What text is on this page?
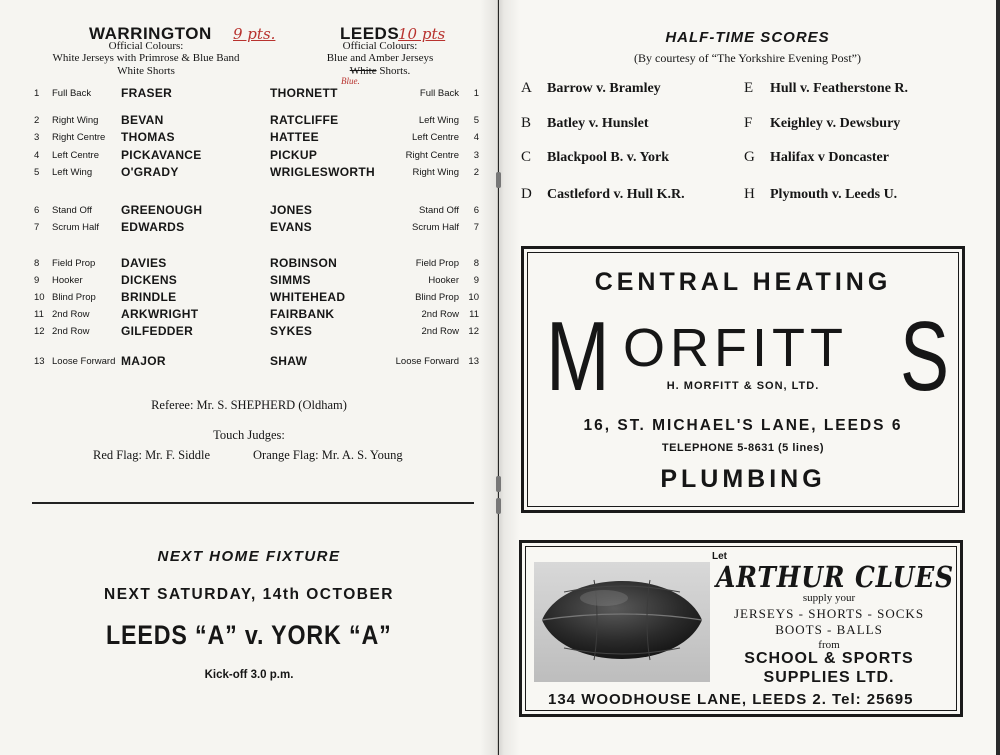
WARRINGTON 9 pts.
Official Colours:
White Jerseys with Primrose & Blue Band
White Shorts
LEEDS
10 pts
Official Colours:
Blue and Amber Jerseys
White Shorts.
Blue.
1 Full Back FRASER	THORNETT	Full Back 1
2 Right Wing BEVAN	RATCLIFFE	Left Wing 5
3 Right Centre THOMAS	HATTEE	Left Centre 4
4 Left Centre PICKAVANCE	PICKUP	Right Centre 3
5 Left Wing O'GRADY	WRIGLESWORTH	Right Wing 2
6 Stand Off GREENOUGH	JONES	Stand Off 6
7 Scrum Half EDWARDS	EVANS	Scrum Half 7
8 Field Prop DAVIES	ROBINSON	Field Prop 8
9 Hooker	DICKENS	SIMMS	Hooker 9
10 Blind Prop BRINDLE	WHITEHEAD	Blind Prop 10
11 2nd Row	ARKWRIGHT	FAIRBANK	2nd Row 11
12 2nd Row	GILFEDDER	SYKES	2nd Row 12
13 Loose Forward MAJOR	SHAW	Loose Forward 13
Referee: Mr. S. SHEPHERD (Oldham)
Touch Judges:
Red Flag: Mr. F. Siddle	Orange Flag: Mr. A. S. Young
NEXT HOME FIXTURE
NEXT SATURDAY, 14th OCTOBER
LEEDS “A” v. YORK “A”
Kick-off 3.0 p.m.
HALF-TIME SCORES
(By courtesy of “The Yorkshire Evening Post”)
A Barrow v. Bramley
B Batley v. Hunslet
C Blackpool B. v. York
D Castleford v. Hull K.R.
E Hull v. Featherstone R.
F Keighley v. Dewsbury
G Halifax v Doncaster
H Plymouth v. Leeds U.
CENTRAL HEATING
M ORFITT S
H. MORFITT & SON, LTD.
16, ST. MICHAEL'S LANE, LEEDS 6
TELEPHONE 5-8631 (5 lines)
PLUMBING
Let
ARTHUR CLUES
supply your
JERSEYS - SHORTS - SOCKS
BOOTS - BALLS
from
SCHOOL & SPORTS
SUPPLIES LTD.
134 WOODHOUSE LANE, LEEDS 2. Tel: 25695
